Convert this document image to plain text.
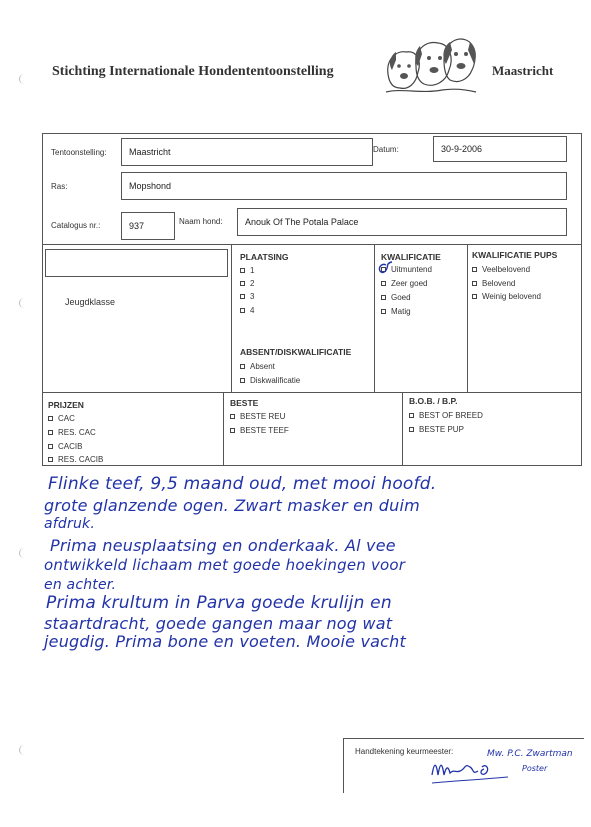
Stichting Internationale Hondententoonstelling	Maastricht
Tentoonstelling:	Maastricht	Datum:	30-9-2006
Ras:	Mopshond
Catalogus nr.:	937	Naam hond:	Anouk Of The Potala Palace
Jeugdklasse
PLAATSING
1
2
3
4
ABSENT/DISKWALIFICATIE
Absent
Diskwalificatie
KWALIFICATIE
Uitmuntend
Zeer goed
Goed
Matig
KWALIFICATIE PUPS
Veelbelovend
Belovend
Weinig belovend
PRIJZEN
CAC
RES. CAC
CACIB
RES. CACIB
BESTE
BESTE REU
BESTE TEEF
B.O.B. / B.P.
BEST OF BREED
BESTE PUP
Flinke teef, 9,5 maand oud, met mooi hoofd.
grote glanzende ogen. Zwart masker en duim
afdruk.
Prima neusplaatsing en onderkaak. Al vee
ontwikkeld lichaam met goede hoekingen voor
en achter.
Prima krultum in Parva goede krulijn en
staartdracht, goede gangen maar nog wat
jeugdig. Prima bone en voeten. Mooie vacht
Handtekening keurmeester:	Mw. P.C. Zwartman
Poster
